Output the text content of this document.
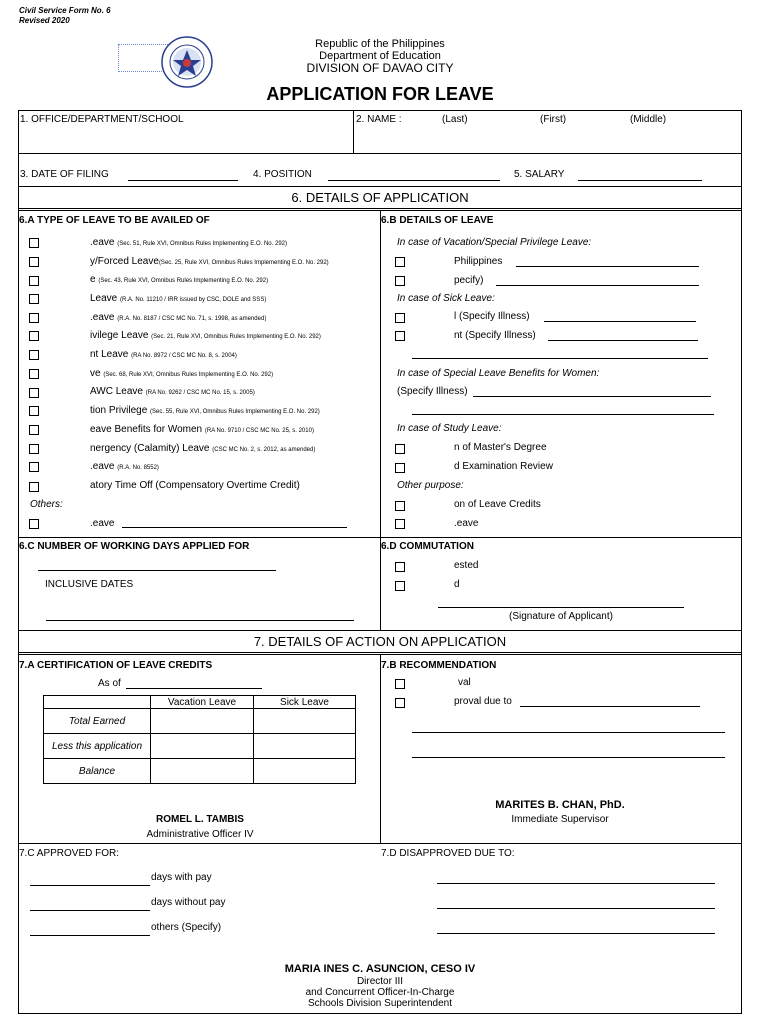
Civil Service Form No. 6
Revised 2020
Republic of the Philippines
Department of Education
DIVISION OF DAVAO CITY
APPLICATION FOR LEAVE
1. OFFICE/DEPARTMENT/SCHOOL	2. NAME :	(Last)	(First)	(Middle)
3. DATE OF FILING	4. POSITION	5. SALARY
6. DETAILS OF APPLICATION
6.A TYPE OF LEAVE TO BE AVAILED OF	6.B DETAILS OF LEAVE
.eave (Sec. 51, Rule XVI, Omnibus Rules Implementing E.O. No. 292)
y/Forced Leave(Sec. 25, Rule XVI, Omnibus Rules Implementing E.O. No. 292)
e (Sec. 43, Rule XVI, Omnibus Rules Implementing E.O. No. 292)
Leave (R.A. No. 11210 / IRR issued by CSC, DOLE and SSS)
.eave (R.A. No. 8187 / CSC MC No. 71, s. 1998, as amended)
ivilege Leave (Sec. 21, Rule XVI, Omnibus Rules Implementing E.O. No. 292)
nt Leave (RA No. 8972 / CSC MC No. 8, s. 2004)
ve (Sec. 68, Rule XVI, Omnibus Rules Implementing E.O. No. 292)
AWC Leave (RA No. 9262 / CSC MC No. 15, s. 2005)
tion Privilege (Sec. 55, Rule XVI, Omnibus Rules Implementing E.O. No. 292)
eave Benefits for Women (RA No. 9710 / CSC MC No. 25, s. 2010)
nergency (Calamity) Leave (CSC MC No. 2, s. 2012, as amended)
.eave (R.A. No. 8552)
atory Time Off (Compensatory Overtime Credit)
Others:
.eave
In case of Vacation/Special Privilege Leave:
Philippines
pecify)
In case of Sick Leave:
l (Specify Illness)
nt (Specify Illness)
In case of Special Leave Benefits for Women:
(Specify Illness)
In case of Study Leave:
n of Master's Degree
d Examination Review
Other purpose:
on of Leave Credits
.eave
6.C NUMBER OF WORKING DAYS APPLIED FOR
INCLUSIVE DATES
6.D COMMUTATION
ested
d
(Signature of Applicant)
7. DETAILS OF ACTION ON APPLICATION
7.A CERTIFICATION OF LEAVE CREDITS
As of
	Vacation Leave	Sick Leave
Total Earned		
Less this application		
Balance		
ROMEL L. TAMBIS
Administrative Officer IV
7.B RECOMMENDATION
val
proval due to
MARITES B. CHAN, PhD.
Immediate Supervisor
7.C APPROVED FOR:
days with pay
days without pay
others (Specify)
7.D DISAPPROVED DUE TO:
MARIA INES C. ASUNCION, CESO IV
Director III
and Concurrent Officer-In-Charge
Schools Division Superintendent
